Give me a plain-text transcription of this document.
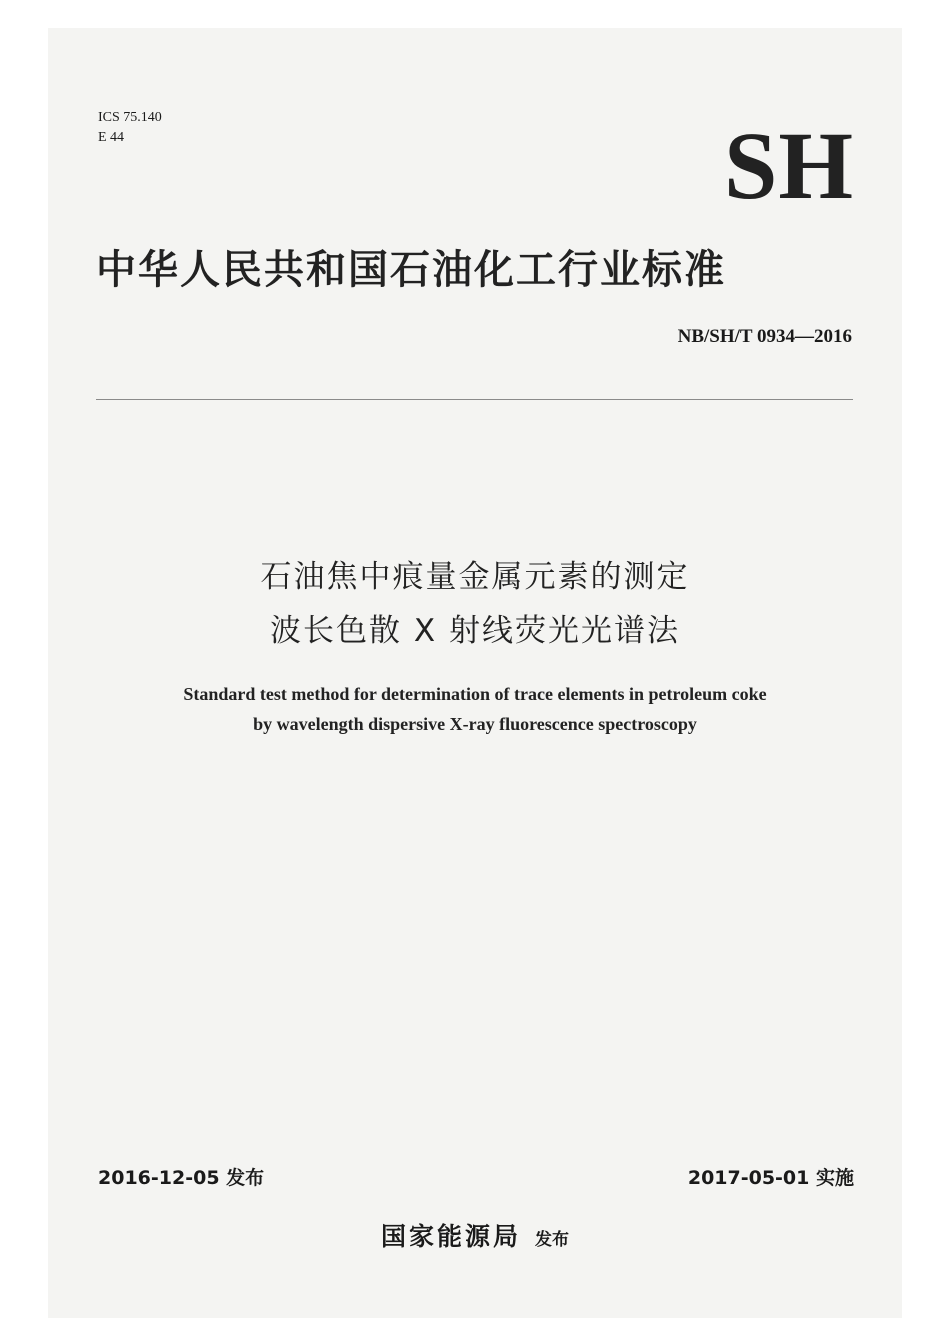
ICS 75.140
E 44	SH
中华人民共和国石油化工行业标准
NB/SH/T 0934—2016
石油焦中痕量金属元素的测定
波长色散 X 射线荧光光谱法
Standard test method for determination of trace elements in petroleum coke
by wavelength dispersive X-ray fluorescence spectroscopy
2016-12-05 发布	2017-05-01 实施
国家能源局 发布
